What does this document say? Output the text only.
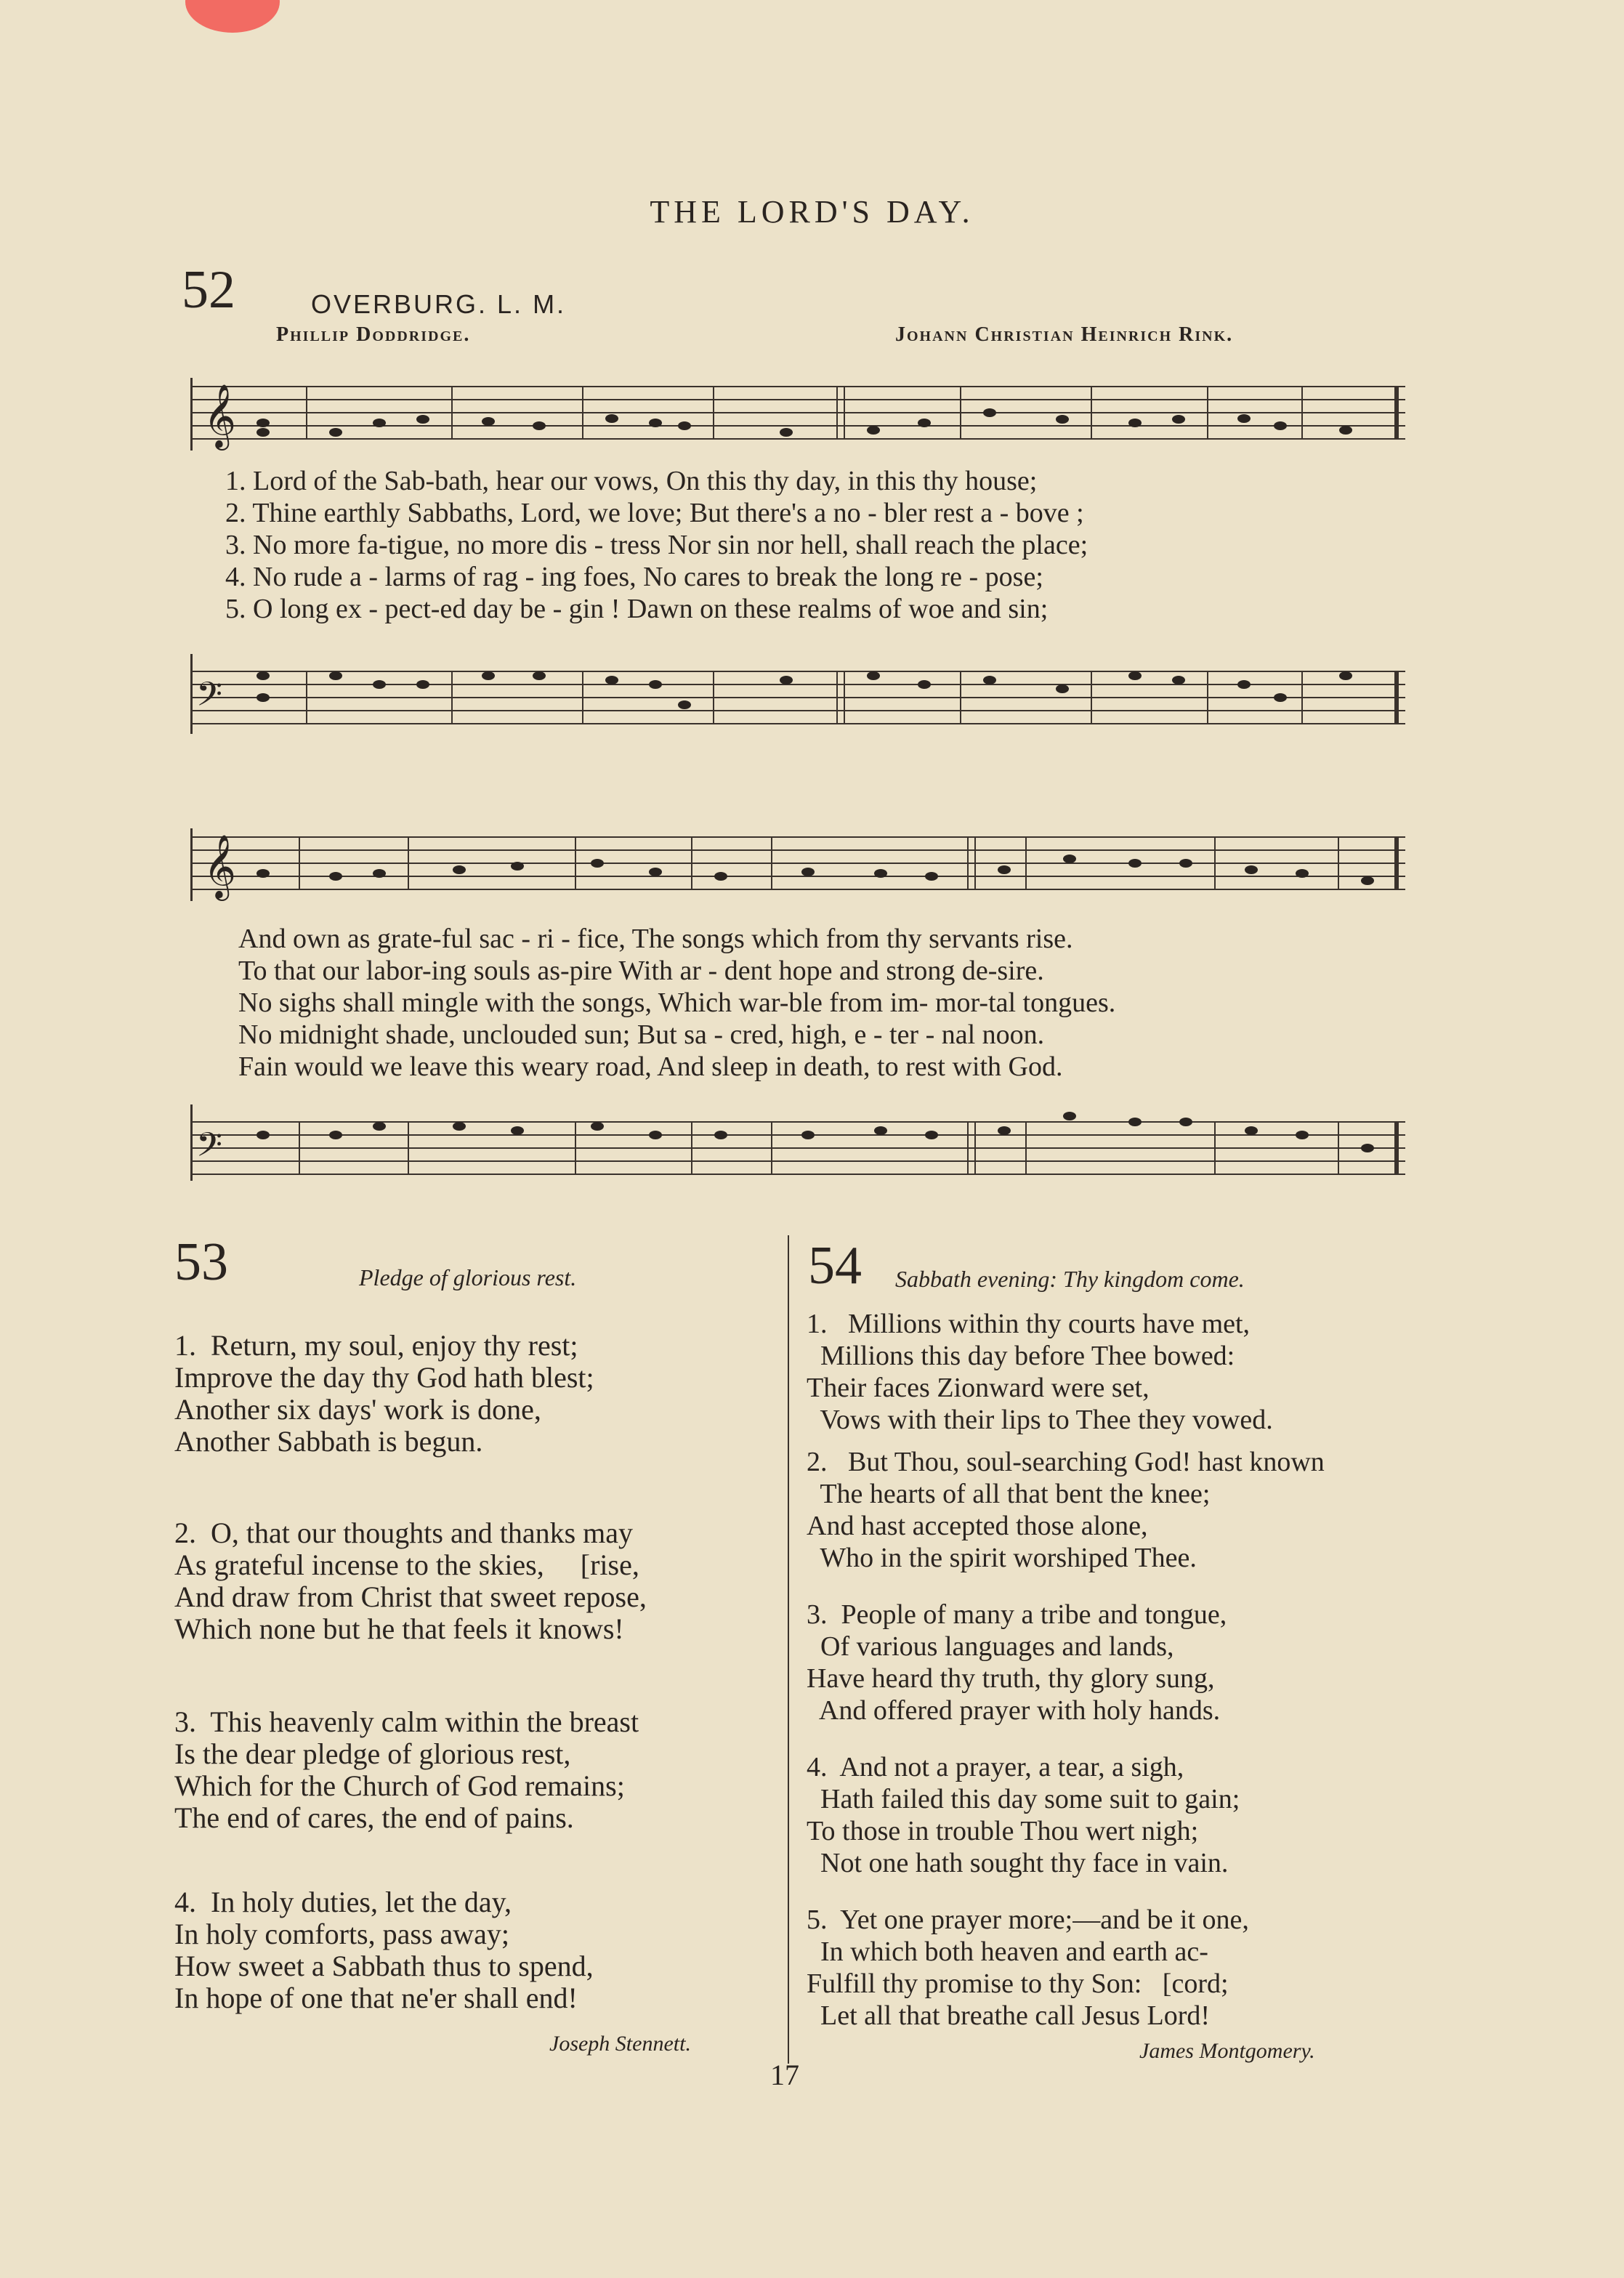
THE LORD'S DAY.
52	OVERBURG. L. M.
Phillip Doddridge.	Johann Christian Heinrich Rink.
𝄞
1. Lord of the Sab-bath, hear our vows, On this thy day, in this thy house;
2. Thine earthly Sabbaths, Lord, we love; But there's a no - bler rest a - bove ;
3. No more fa-tigue, no more dis - tress Nor sin nor hell, shall reach the place;
4. No rude a - larms of rag - ing foes, No cares to break the long re - pose;
5. O long ex - pect-ed day be - gin ! Dawn on these realms of woe and sin;
𝄢
𝄞
And own as grate-ful sac - ri - fice, The songs which from thy servants rise.
To that our labor-ing souls as-pire With ar - dent hope and strong de-sire.
No sighs shall mingle with the songs, Which war-ble from im- mor-tal tongues.
No midnight shade, unclouded sun; But sa - cred, high, e - ter - nal noon.
Fain would we leave this weary road, And sleep in death, to rest with God.
𝄢
53	Pledge of glorious rest.
1.  Return, my soul, enjoy thy rest;
Improve the day thy God hath blest;
Another six days' work is done,
Another Sabbath is begun.
2.  O, that our thoughts and thanks may
As grateful incense to the skies,     [rise,
And draw from Christ that sweet repose,
Which none but he that feels it knows!
3.  This heavenly calm within the breast
Is the dear pledge of glorious rest,
Which for the Church of God remains;
The end of cares, the end of pains.
4.  In holy duties, let the day,
In holy comforts, pass away;
How sweet a Sabbath thus to spend,
In hope of one that ne'er shall end!
Joseph Stennett.
54 Sabbath evening: Thy kingdom come.
1.   Millions within thy courts have met,
Millions this day before Thee bowed:
Their faces Zionward were set,
Vows with their lips to Thee they vowed.
2.   But Thou, soul-searching God! hast known
The hearts of all that bent the knee;
And hast accepted those alone,
Who in the spirit worshiped Thee.
3.  People of many a tribe and tongue,
Of various languages and lands,
Have heard thy truth, thy glory sung,
And offered prayer with holy hands.
4.  And not a prayer, a tear, a sigh,
Hath failed this day some suit to gain;
To those in trouble Thou wert nigh;
Not one hath sought thy face in vain.
5.  Yet one prayer more;—and be it one,
In which both heaven and earth ac-
Fulfill thy promise to thy Son:   [cord;
Let all that breathe call Jesus Lord!
James Montgomery.
17
